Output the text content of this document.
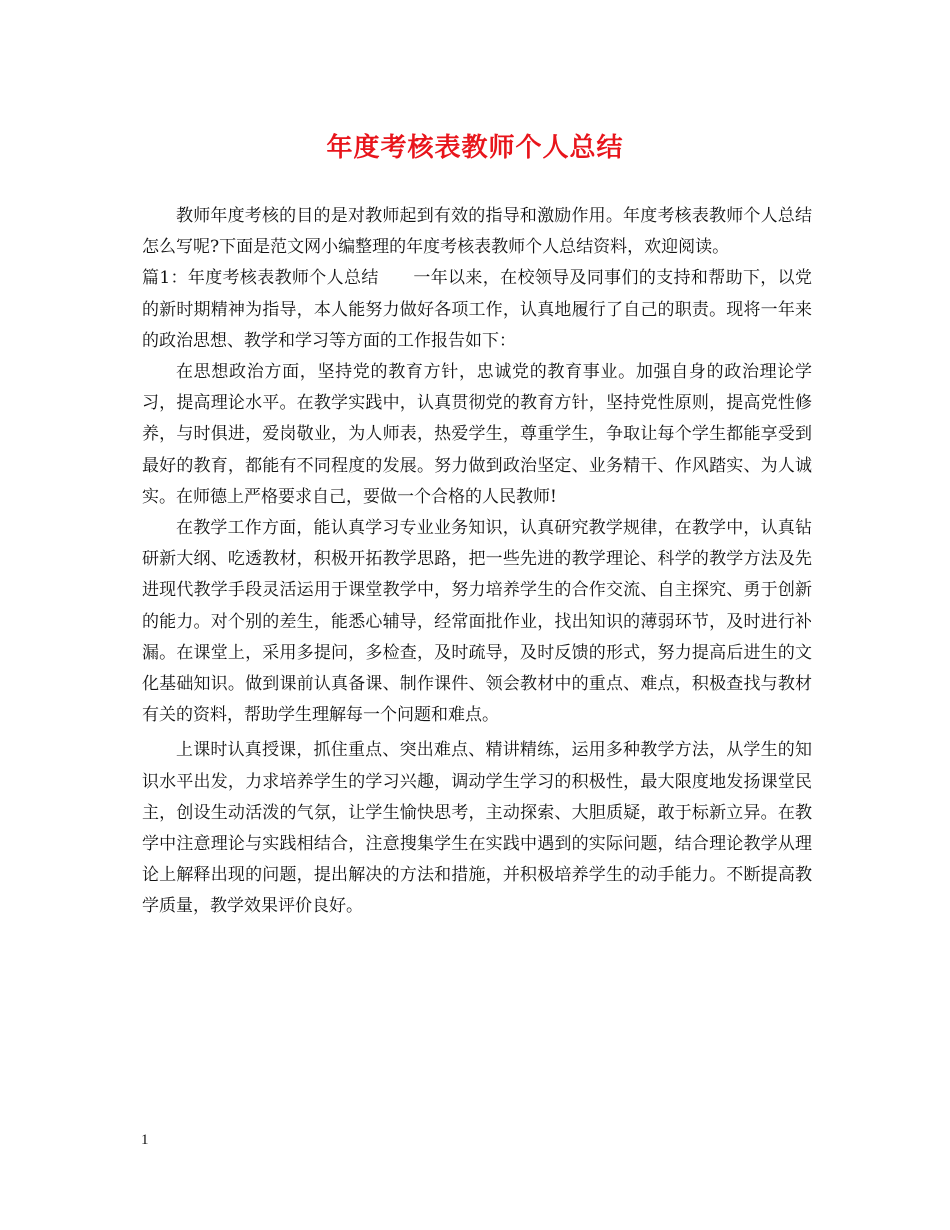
年度考核表教师个人总结

教师年度考核的目的是对教师起到有效的指导和激励作用。年度考核表教师个人总结怎么写呢?下面是范文网小编整理的年度考核表教师个人总结资料，欢迎阅读。

篇1：年度考核表教师个人总结　　一年以来，在校领导及同事们的支持和帮助下，以党的新时期精神为指导，本人能努力做好各项工作，认真地履行了自己的职责。现将一年来的政治思想、教学和学习等方面的工作报告如下：

在思想政治方面，坚持党的教育方针，忠诚党的教育事业。加强自身的政治理论学习，提高理论水平。在教学实践中，认真贯彻党的教育方针，坚持党性原则，提高党性修养，与时俱进，爱岗敬业，为人师表，热爱学生，尊重学生，争取让每个学生都能享受到最好的教育，都能有不同程度的发展。努力做到政治坚定、业务精干、作风踏实、为人诚实。在师德上严格要求自己，要做一个合格的人民教师!

在教学工作方面，能认真学习专业业务知识，认真研究教学规律，在教学中，认真钻研新大纲、吃透教材，积极开拓教学思路，把一些先进的教学理论、科学的教学方法及先进现代教学手段灵活运用于课堂教学中，努力培养学生的合作交流、自主探究、勇于创新的能力。对个别的差生，能悉心辅导，经常面批作业，找出知识的薄弱环节，及时进行补漏。在课堂上，采用多提问，多检查，及时疏导，及时反馈的形式，努力提高后进生的文化基础知识。做到课前认真备课、制作课件、领会教材中的重点、难点，积极查找与教材有关的资料，帮助学生理解每一个问题和难点。

上课时认真授课，抓住重点、突出难点、精讲精练，运用多种教学方法，从学生的知识水平出发，力求培养学生的学习兴趣，调动学生学习的积极性，最大限度地发扬课堂民主，创设生动活泼的气氛，让学生愉快思考，主动探索、大胆质疑，敢于标新立异。在教学中注意理论与实践相结合，注意搜集学生在实践中遇到的实际问题，结合理论教学从理论上解释出现的问题，提出解决的方法和措施，并积极培养学生的动手能力。不断提高教学质量，教学效果评价良好。

1
